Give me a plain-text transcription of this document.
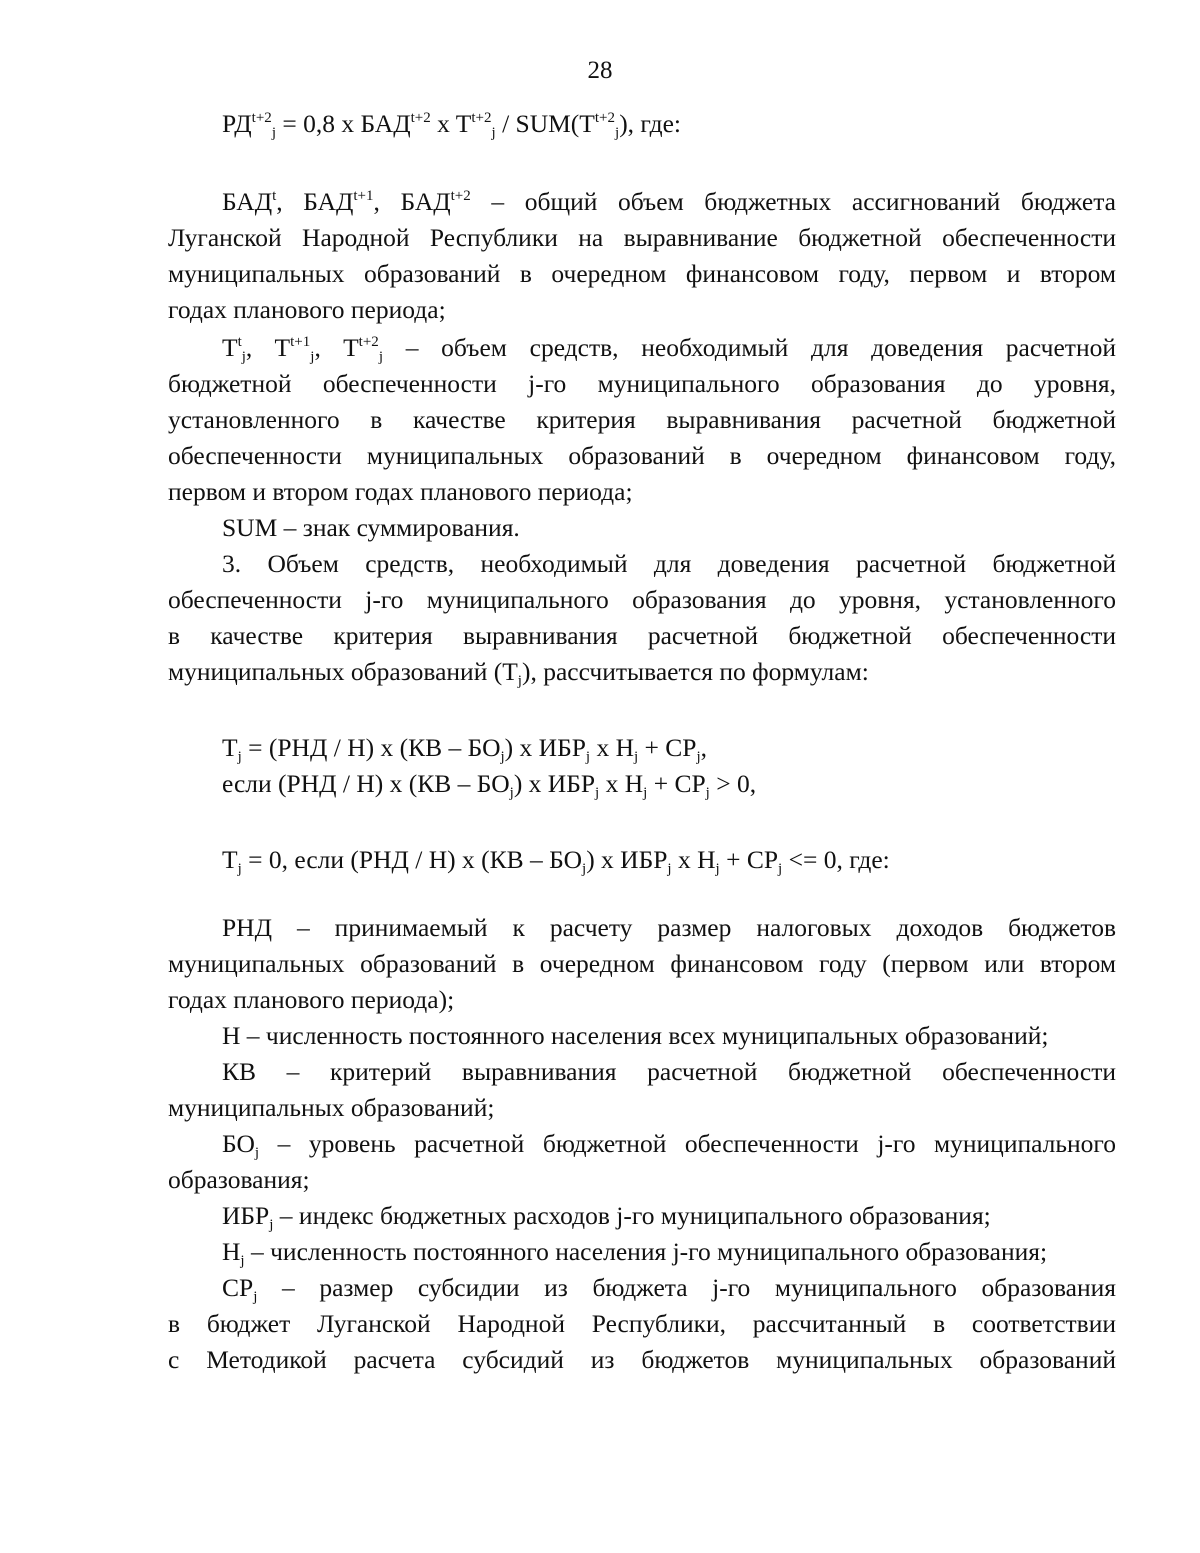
28
$РД^{t+2}_j = 0,8$ x $БАД^{t+2}$ x $T^{t+2}_j / SUM(T^{t+2}_j)$, где:
БАД$^t$, $БАД^{t+1}$, $БАД^{t+2}$ – общий объем бюджетных ассигнований бюджета
Луганской Народной Республики на выравнивание бюджетной обеспеченности
муниципальных образований в очередном финансовом году, первом и втором
годах планового периода;
$T^t_j$, $T^{t+1}_j$, $T^{t+2}_j$ – объем средств, необходимый для доведения расчетной
бюджетной обеспеченности j-го муниципального образования до уровня,
установленного в качестве критерия выравнивания расчетной бюджетной
обеспеченности муниципальных образований в очередном финансовом году,
первом и втором годах планового периода;
SUM – знак суммирования.
3. Объем средств, необходимый для доведения расчетной бюджетной
обеспеченности j-го муниципального образования до уровня, установленного
в качестве критерия выравнивания расчетной бюджетной обеспеченности
муниципальных образований $(T_j)$, рассчитывается по формулам:
$T_j = (РНД / Н)$ x $(КВ - БО_j)$ x $ИБР_j$ x $Н_j + СР_j$,
если (РНД / Н) x $(КВ - БО_j)$ x $ИБР_j$ x $Н_j + СР_j > 0$,
$T_j = 0$, если (РНД / Н) x $(КВ - БО_j)$ x $ИБР_j$ x $Н_j + СР_j <= 0$, где:
РНД – принимаемый к расчету размер налоговых доходов бюджетов
муниципальных образований в очередном финансовом году (первом или втором
годах планового периода);
Н – численность постоянного населения всех муниципальных образований;
КВ – критерий выравнивания расчетной бюджетной обеспеченности
муниципальных образований;
$БО_j$ – уровень расчетной бюджетной обеспеченности j-го муниципального
образования;
$ИБР_j$ – индекс бюджетных расходов j-го муниципального образования;
$Н_j$ – численность постоянного населения j-го муниципального образования;
$СР_j$ – размер субсидии из бюджета j-го муниципального образования
в бюджет Луганской Народной Республики, рассчитанный в соответствии
с Методикой расчета субсидий из бюджетов муниципальных образований
